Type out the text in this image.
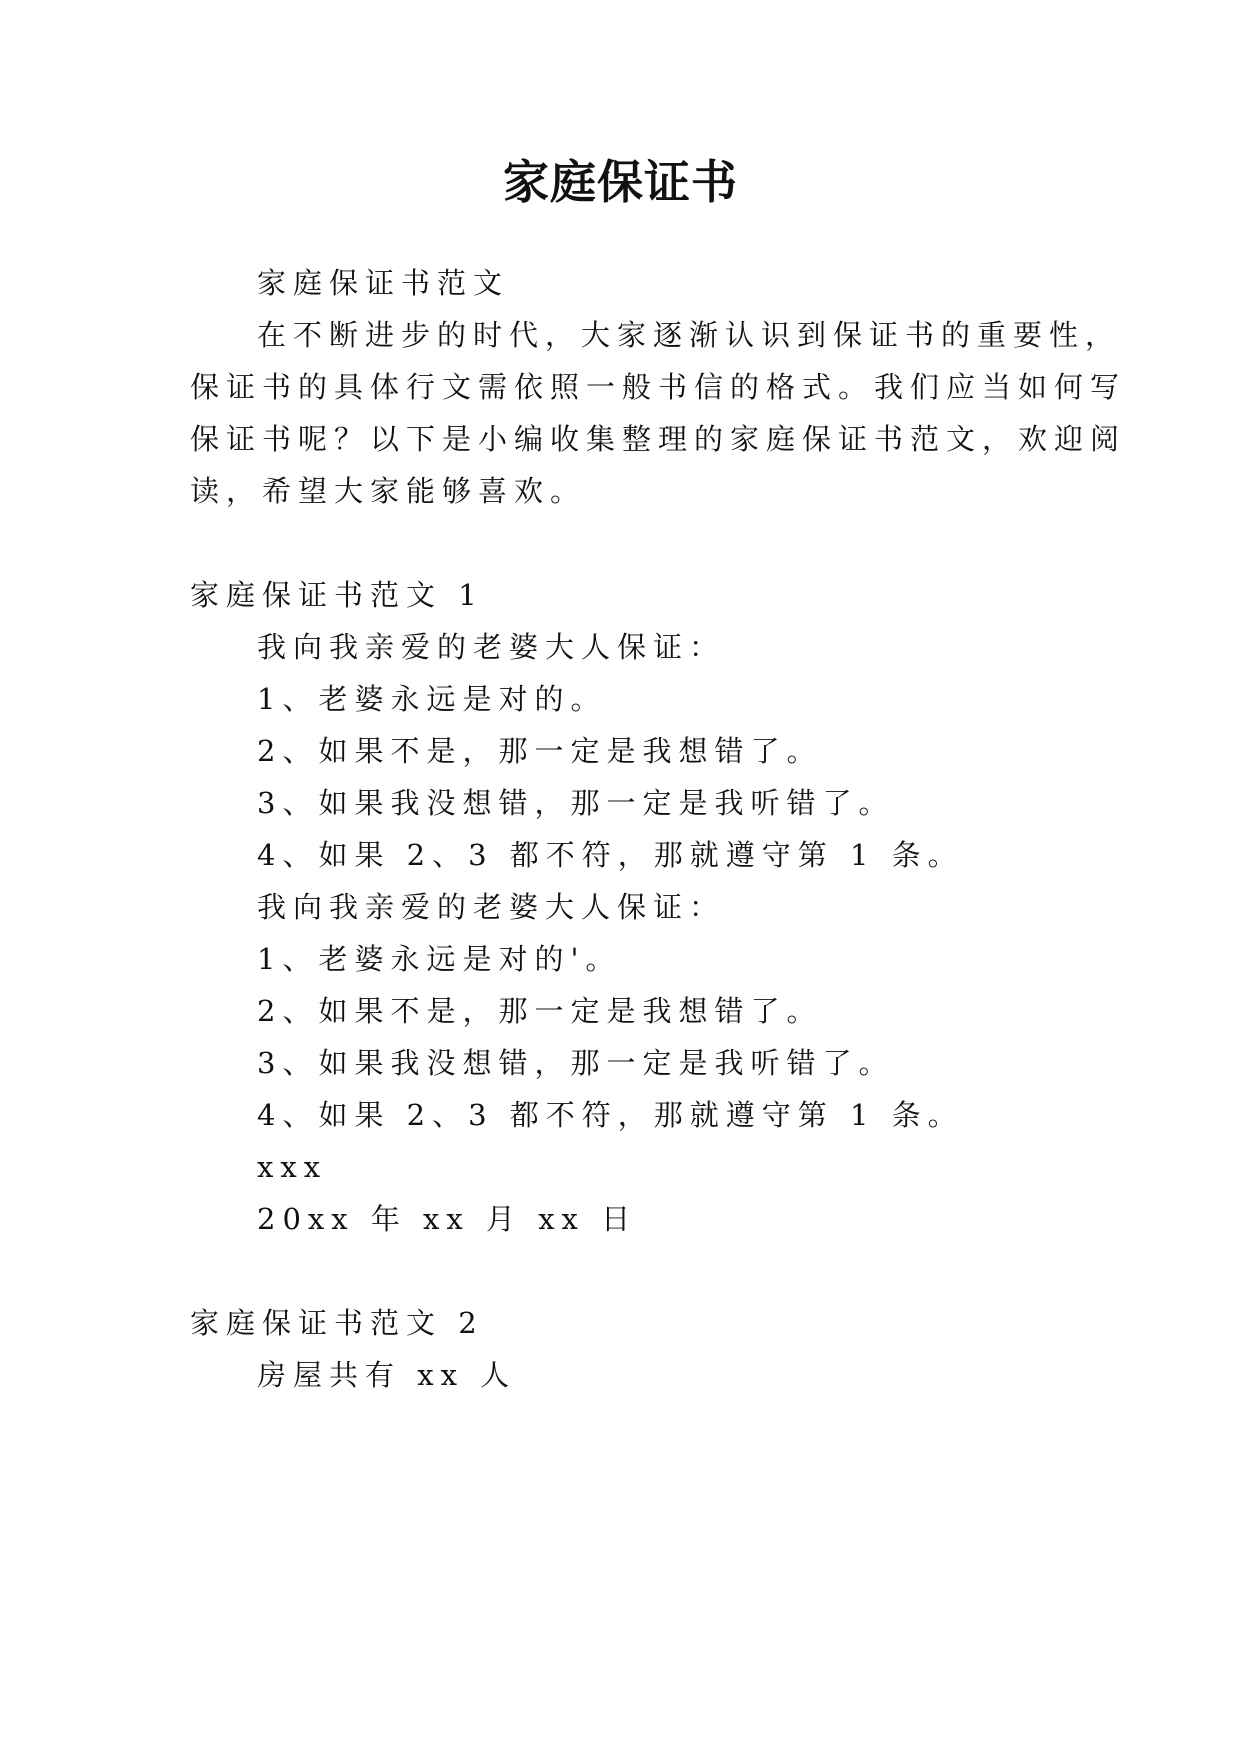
家庭保证书
家庭保证书范文
在不断进步的时代，大家逐渐认识到保证书的重要性，
保证书的具体行文需依照一般书信的格式。我们应当如何写
保证书呢？以下是小编收集整理的家庭保证书范文，欢迎阅
读，希望大家能够喜欢。
家庭保证书范文 1
我向我亲爱的老婆大人保证：
1、老婆永远是对的。
2、如果不是，那一定是我想错了。
3、如果我没想错，那一定是我听错了。
4、如果 2、3 都不符，那就遵守第 1 条。
我向我亲爱的老婆大人保证：
1、老婆永远是对的'。
2、如果不是，那一定是我想错了。
3、如果我没想错，那一定是我听错了。
4、如果 2、3 都不符，那就遵守第 1 条。
xxx
20xx 年 xx 月 xx 日
家庭保证书范文 2
房屋共有 xx 人
